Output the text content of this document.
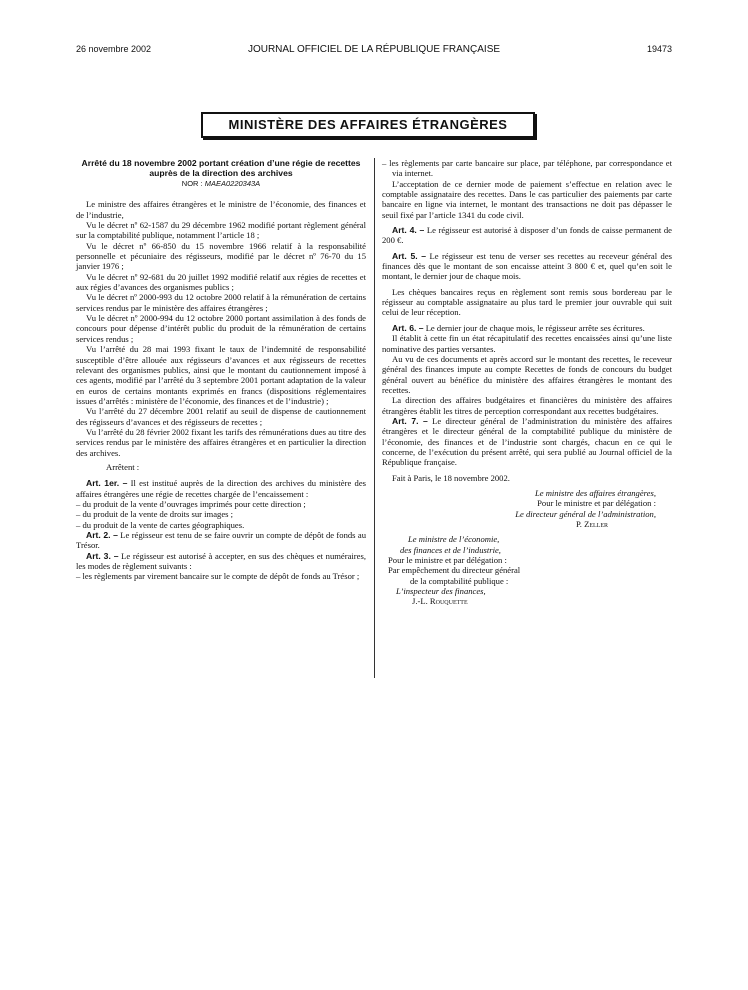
26 novembre 2002	JOURNAL OFFICIEL DE LA RÉPUBLIQUE FRANÇAISE	19473
MINISTÈRE DES AFFAIRES ÉTRANGÈRES
Arrêté du 18 novembre 2002 portant création d’une régie de recettes auprès de la direction des archives
NOR : MAEA0220343A

Le ministre des affaires étrangères et le ministre de l’économie, des finances et de l’industrie,

Vu le décret nº 62-1587 du 29 décembre 1962 modifié portant règlement général sur la comptabilité publique, notamment l’article 18 ;

Vu le décret nº 66-850 du 15 novembre 1966 relatif à la responsabilité personnelle et pécuniaire des régisseurs, modifié par le décret nº 76-70 du 15 janvier 1976 ;

Vu le décret nº 92-681 du 20 juillet 1992 modifié relatif aux régies de recettes et aux régies d’avances des organismes publics ;

Vu le décret nº 2000-993 du 12 octobre 2000 relatif à la rémunération de certains services rendus par le ministère des affaires étrangères ;

Vu le décret nº 2000-994 du 12 octobre 2000 portant assimilation à des fonds de concours pour dépense d’intérêt public du produit de la rémunération de certains services rendus ;

Vu l’arrêté du 28 mai 1993 fixant le taux de l’indemnité de responsabilité susceptible d’être allouée aux régisseurs d’avances et aux régisseurs de recettes relevant des organismes publics, ainsi que le montant du cautionnement imposé à ces agents, modifié par l’arrêté du 3 septembre 2001 portant adaptation de la valeur en euros de certains montants exprimés en francs (dispositions réglementaires issues d’arrêtés : ministère de l’économie, des finances et de l’industrie) ;

Vu l’arrêté du 27 décembre 2001 relatif au seuil de dispense de cautionnement des régisseurs d’avances et des régisseurs de recettes ;

Vu l’arrêté du 28 février 2002 fixant les tarifs des rémunérations dues au titre des services rendus par le ministère des affaires étrangères et en particulier la direction des archives.

Arrêtent :

Art. 1er. – Il est institué auprès de la direction des archives du ministère des affaires étrangères une régie de recettes chargée de l’encaissement :

– du produit de la vente d’ouvrages imprimés pour cette direction ;

– du produit de la vente de droits sur images ;

– du produit de la vente de cartes géographiques.

Art. 2. – Le régisseur est tenu de se faire ouvrir un compte de dépôt de fonds au Trésor.

Art. 3. – Le régisseur est autorisé à accepter, en sus des chèques et numéraires, les modes de règlement suivants :

– les règlements par virement bancaire sur le compte de dépôt de fonds au Trésor ;

– les règlements par carte bancaire sur place, par téléphone, par correspondance et via internet.

L’acceptation de ce dernier mode de paiement s’effectue en relation avec le comptable assignataire des recettes. Dans le cas particulier des paiements par carte bancaire en ligne via internet, le montant des transactions ne doit pas dépasser le seuil fixé par l’article 1341 du code civil.

Art. 4. – Le régisseur est autorisé à disposer d’un fonds de caisse permanent de 200 €.

Art. 5. – Le régisseur est tenu de verser ses recettes au receveur général des finances dès que le montant de son encaisse atteint 3 800 € et, quel qu’en soit le montant, le dernier jour de chaque mois.

Les chèques bancaires reçus en règlement sont remis sous bordereau par le régisseur au comptable assignataire au plus tard le premier jour ouvrable qui suit celui de leur réception.

Art. 6. – Le dernier jour de chaque mois, le régisseur arrête ses écritures.

Il établit à cette fin un état récapitulatif des recettes encaissées ainsi qu’une liste nominative des parties versantes.

Au vu de ces documents et après accord sur le montant des recettes, le receveur général des finances impute au compte Recettes de fonds de concours du budget général ouvert au bénéfice du ministère des affaires étrangères le montant des recettes.

La direction des affaires budgétaires et financières du ministère des affaires étrangères établit les titres de perception correspondant aux recettes budgétaires.

Art. 7. – Le directeur général de l’administration du ministère des affaires étrangères et le directeur général de la comptabilité publique du ministère de l’économie, des finances et de l’industrie sont chargés, chacun en ce qui le concerne, de l’exécution du présent arrêté, qui sera publié au Journal officiel de la République française.

Fait à Paris, le 18 novembre 2002.

Le ministre des affaires étrangères,

Pour le ministre et par délégation :

Le directeur général de l’administration,

P. Zeller

Le ministre de l’économie,

des finances et de l’industrie,

Pour le ministre et par délégation :

Par empêchement du directeur général

de la comptabilité publique :

L’inspecteur des finances,

J.-L. Rouquette
